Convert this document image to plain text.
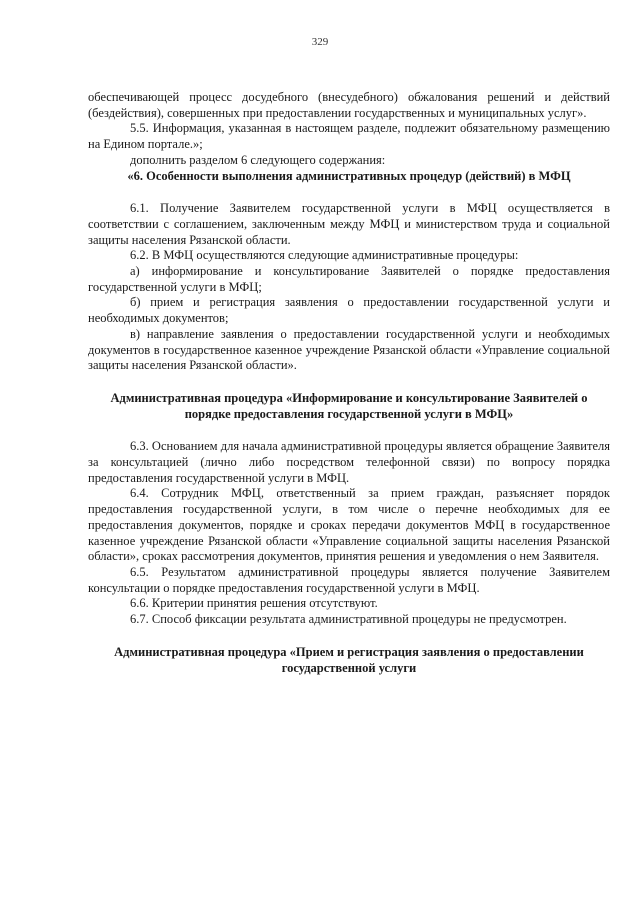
329

обеспечивающей процесс досудебного (внесудебного) обжалования решений и действий (бездействия), совершенных при предоставлении государственных и муниципальных услуг».

5.5. Информация, указанная в настоящем разделе, подлежит обязательному размещению на Едином портале.»;

дополнить разделом 6 следующего содержания:

«6. Особенности выполнения административных процедур (действий) в МФЦ

6.1. Получение Заявителем государственной услуги в МФЦ осуществляется в соответствии с соглашением, заключенным между МФЦ и министерством труда и социальной защиты населения Рязанской области.

6.2. В МФЦ осуществляются следующие административные процедуры:

а) информирование и консультирование Заявителей о порядке предоставления государственной услуги в МФЦ;

б) прием и регистрация заявления о предоставлении государственной услуги и необходимых документов;

в) направление заявления о предоставлении государственной услуги и необходимых документов в государственное казенное учреждение Рязанской области «Управление социальной защиты населения Рязанской области».

Административная процедура «Информирование и консультирование Заявителей о порядке предоставления государственной услуги в МФЦ»

6.3. Основанием для начала административной процедуры является обращение Заявителя за консультацией (лично либо посредством телефонной связи) по вопросу порядка предоставления государственной услуги в МФЦ.

6.4. Сотрудник МФЦ, ответственный за прием граждан, разъясняет порядок предоставления государственной услуги, в том числе о перечне необходимых для ее предоставления документов, порядке и сроках передачи документов МФЦ в государственное казенное учреждение Рязанской области «Управление социальной защиты населения Рязанской области», сроках рассмотрения документов, принятия решения и уведомления о нем Заявителя.

6.5. Результатом административной процедуры является получение Заявителем консультации о порядке предоставления государственной услуги в МФЦ.

6.6. Критерии принятия решения отсутствуют.

6.7. Способ фиксации результата административной процедуры не предусмотрен.

Административная процедура «Прием и регистрация заявления о предоставлении государственной услуги
